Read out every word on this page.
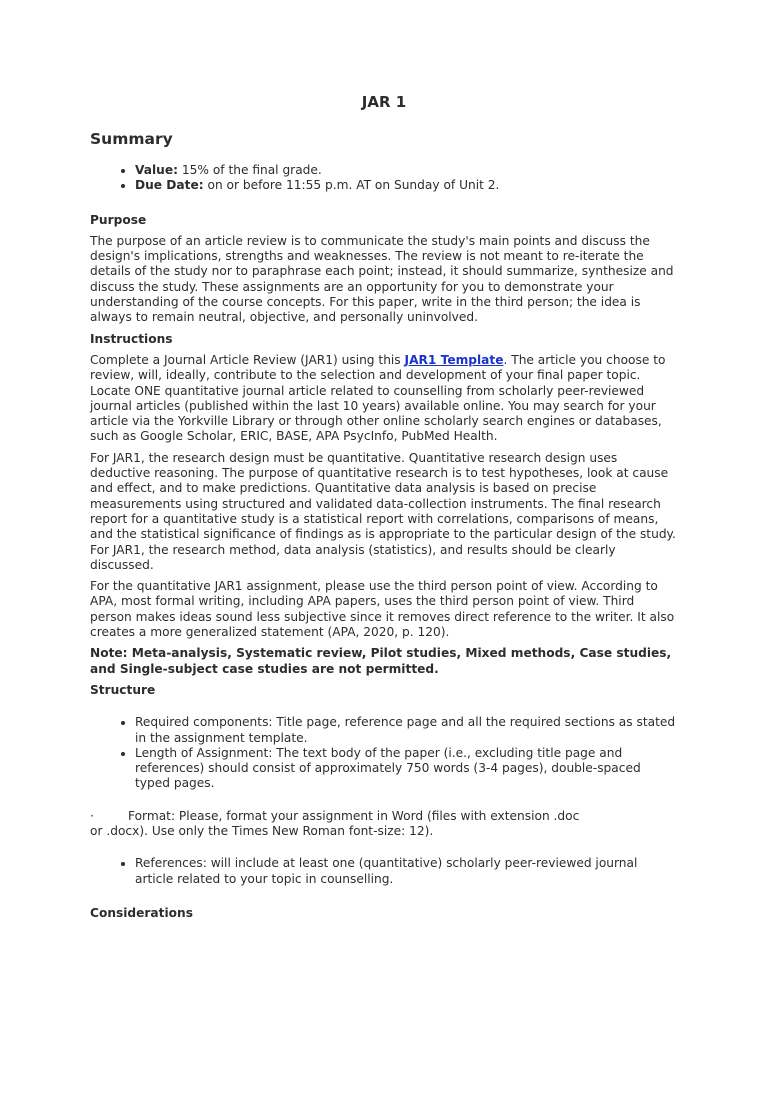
JAR 1
Summary
• Value: 15% of the final grade.
• Due Date: on or before 11:55 p.m. AT on Sunday of Unit 2.
Purpose

The purpose of an article review is to communicate the study's main points and discuss the design's implications, strengths and weaknesses. The review is not meant to re-iterate the details of the study nor to paraphrase each point; instead, it should summarize, synthesize and discuss the study. These assignments are an opportunity for you to demonstrate your understanding of the course concepts. For this paper, write in the third person; the idea is always to remain neutral, objective, and personally uninvolved.

Instructions

Complete a Journal Article Review (JAR1) using this JAR1 Template. The article you choose to review, will, ideally, contribute to the selection and development of your final paper topic. Locate ONE quantitative journal article related to counselling from scholarly peer-reviewed journal articles (published within the last 10 years) available online. You may search for your article via the Yorkville Library or through other online scholarly search engines or databases, such as Google Scholar, ERIC, BASE, APA PsycInfo, PubMed Health.

For JAR1, the research design must be quantitative. Quantitative research design uses deductive reasoning. The purpose of quantitative research is to test hypotheses, look at cause and effect, and to make predictions. Quantitative data analysis is based on precise measurements using structured and validated data-collection instruments. The final research report for a quantitative study is a statistical report with correlations, comparisons of means, and the statistical significance of findings as is appropriate to the particular design of the study. For JAR1, the research method, data analysis (statistics), and results should be clearly discussed.

For the quantitative JAR1 assignment, please use the third person point of view. According to APA, most formal writing, including APA papers, uses the third person point of view. Third person makes ideas sound less subjective since it removes direct reference to the writer. It also creates a more generalized statement (APA, 2020, p. 120).

Note: Meta-analysis, Systematic review, Pilot studies, Mixed methods, Case studies, and Single-subject case studies are not permitted.

Structure
• Required components: Title page, reference page and all the required sections as stated in the assignment template.
• Length of Assignment: The text body of the paper (i.e., excluding title page and references) should consist of approximately 750 words (3-4 pages), double-spaced typed pages.
·	Format: Please, format your assignment in Word (files with extension .doc
or .docx). Use only the Times New Roman font-size: 12).
• References: will include at least one (quantitative) scholarly peer-reviewed journal article related to your topic in counselling.
Considerations
